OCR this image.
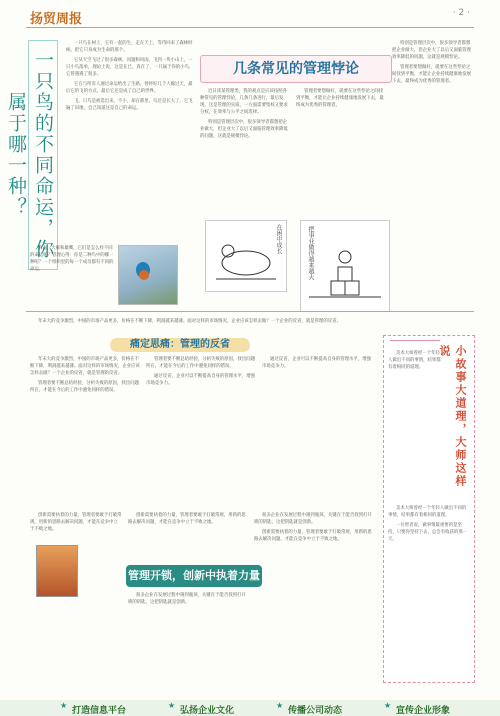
扬贸周报	· 2 ·
一只鸟的不同命运，你属于哪一种？

一只鸟在树上，它有一起的生，走在天上，等待回来了森林时候。把它只身成为生命的那个。

它从天空飞过了很多森林，问题和风雨，飞到一块小山上，一只小鸟落单，理论上说，这是在已，真在了，一只属于你的小鸟，它曾遇遇了很多。

它在与所有人通过命运给出了生路，曾经好几个人做过天，最后它的飞的方式，最后它还是成了自己的世界。

飞，只鸟是被选出来，不小，却在那里，鸟还是长大了，它飞遍了田地，自己知道这是自己的命运。

麻雀，大雁和雄鹰，它们是怎么样不同的命运呢？管理心得：你是二种鸟中的哪一种呢？一个组织里的每一个成员都有不同的命运。

几条常见的管理悖论

近日读某管理类，我的观点是应该按照各种常见的管理悖论，几条几条进行，最后发现，这是管理的实质，一方面需要集权又要求分权，在效率与公平之间选择。

特别是管理层次中，很多领导者都想把企业做大，但企业大了以后又面临管理效率降低的问题，这就是规模悖论。

管理者要想做好，就要在这些悖论之间找到平衡，才能让企业持续健康地发展下去，最终成为优秀的管理者。

特别是管理层次中，很多领导者都想把企业做大，但企业大了以后又面临管理效率降低的问题，这就是规模悖论。

管理者要想做好，就要在这些悖论之间找到平衡，才能让企业持续健康地发展下去，最终成为优秀的管理者。

在困中成长	把事业做得越来越大

年末大的竞争激烈，中国的市场产品更多，价格在不断下降，利润越来越薄。面对这样的市场情况，企业应该怎样去做？一个企业的反省，就是管理的反省。

痛定思痛：管理的反省

年末大的竞争激烈，中国的市场产品更多，价格在不断下降，利润越来越薄。面对这样的市场情况，企业应该怎样去做？一个企业的反省，就是管理的反省。

管理者要不断总结经验，分析失败的原因，找出问题所在，才能在今后的工作中避免同样的错误。

管理者要不断总结经验，分析失败的原因，找出问题所在，才能在今后的工作中避免同样的错误。

通过反省，企业可以不断提高自身的管理水平，增强市场竞争力。

通过反省，企业可以不断提高自身的管理水平，增强市场竞争力。

创新需要执着的力量，管理者要敢于打破常规，用新的思路去解决问题，才能在竞争中立于不败之地。

管理开锁，创新中执着力量

创新需要执着的力量，管理者要敢于打破常规，用新的思路去解决问题，才能在竞争中立于不败之地。

很多企业在发展过程中遇到瓶颈，关键在于能否找到打开锁的钥匙，这把钥匙就是创新。

很多企业在发展过程中遇到瓶颈，关键在于能否找到打开锁的钥匙，这把钥匙就是创新。

创新需要执着的力量，管理者要敢于打破常规，用新的思路去解决问题，才能在竞争中立于不败之地。

小故事大道理，大师这样说

美术大师曾经一个年轻人做出不同的事情，结果都有着相同的道理。

美术大师曾经一个年轻人做出不同的事情，结果都有着相同的道理。

一位智者说，做事情最重要的是坚持，只要你坚持下去，总会有收获的那一天。

★
打造信息平台
★
弘扬企业文化
★
传播公司动态
★
宣传企业形象
